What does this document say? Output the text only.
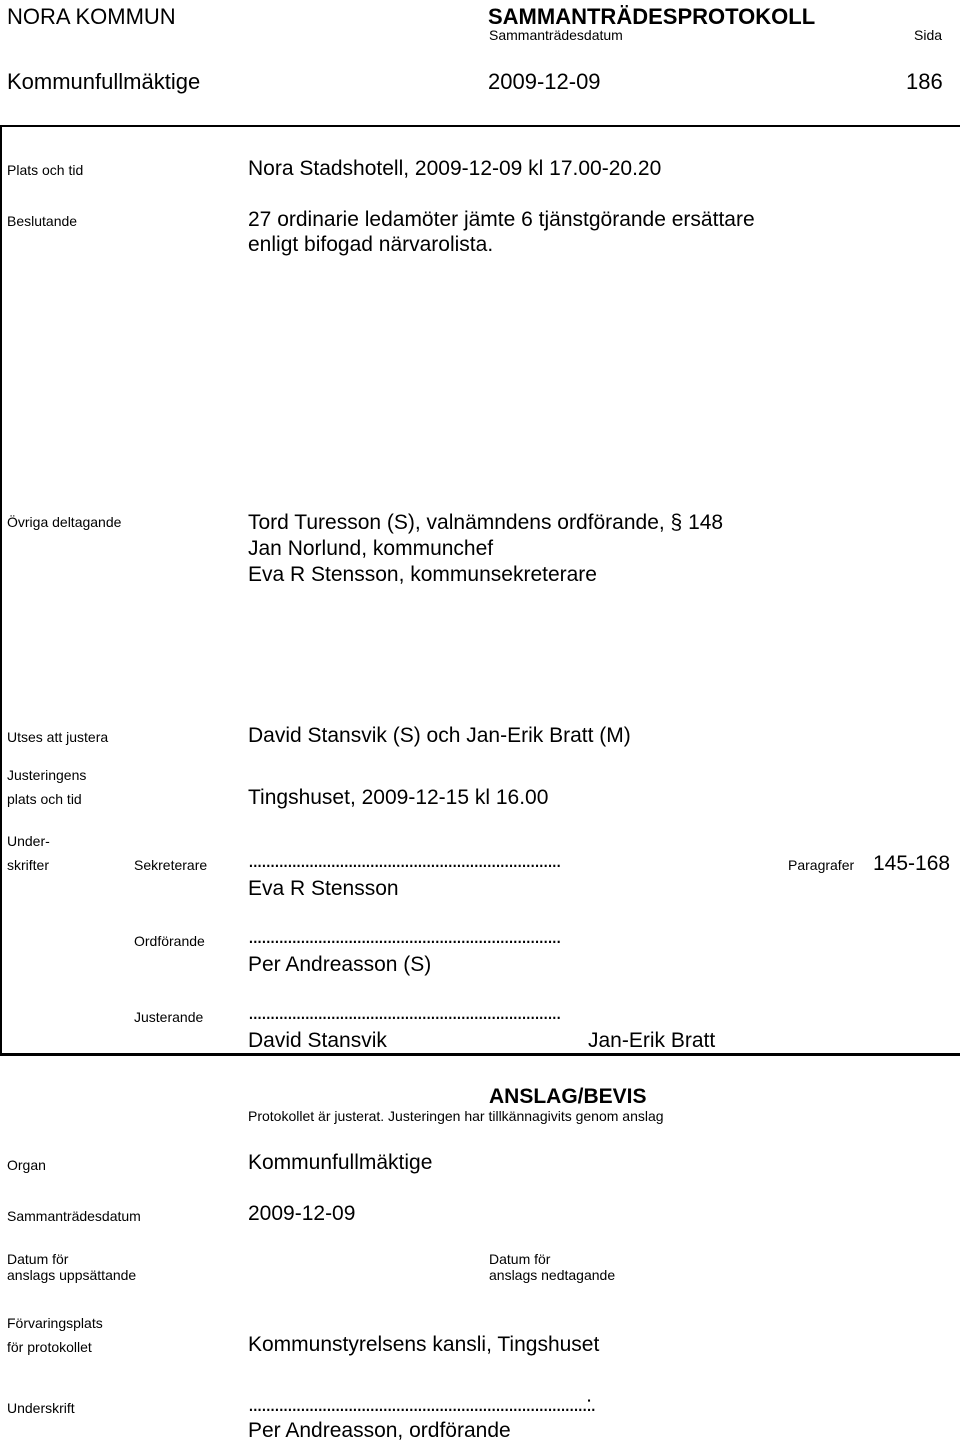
NORA KOMMUN	SAMMANTRÄDESPROTOKOLL
Sammanträdesdatum	Sida
Kommunfullmäktige	2009-12-09	186
Plats och tid	Nora Stadshotell, 2009-12-09 kl 17.00-20.20
Beslutande	27 ordinarie ledamöter jämte 6 tjänstgörande ersättare
enligt bifogad närvarolista.
Övriga deltagande	Tord Turesson (S), valnämndens ordförande, § 148
Jan Norlund, kommunchef
Eva R Stensson, kommunsekreterare
Utses att justera	David Stansvik (S) och Jan-Erik Bratt (M)
Justeringens
plats och tid	Tingshuset, 2009-12-15 kl 16.00
Under-
skrifter	Sekreterare ........................................................................
Eva R Stensson
Paragrafer 145-168
Ordförande ........................................................................
Per Andreasson (S)
Justerande ........................................................................
David Stansvik	Jan-Erik Bratt
ANSLAG/BEVIS
Protokollet är justerat. Justeringen har tillkännagivits genom anslag
Organ	Kommunfullmäktige
Sammanträdesdatum	2009-12-09
Datum för
anslags uppsättande
Datum för
anslags nedtagande
Förvaringsplats
för protokollet	Kommunstyrelsens kansli, Tingshuset
Underskrift	..............................................................................:.
Per Andreasson, ordförande
